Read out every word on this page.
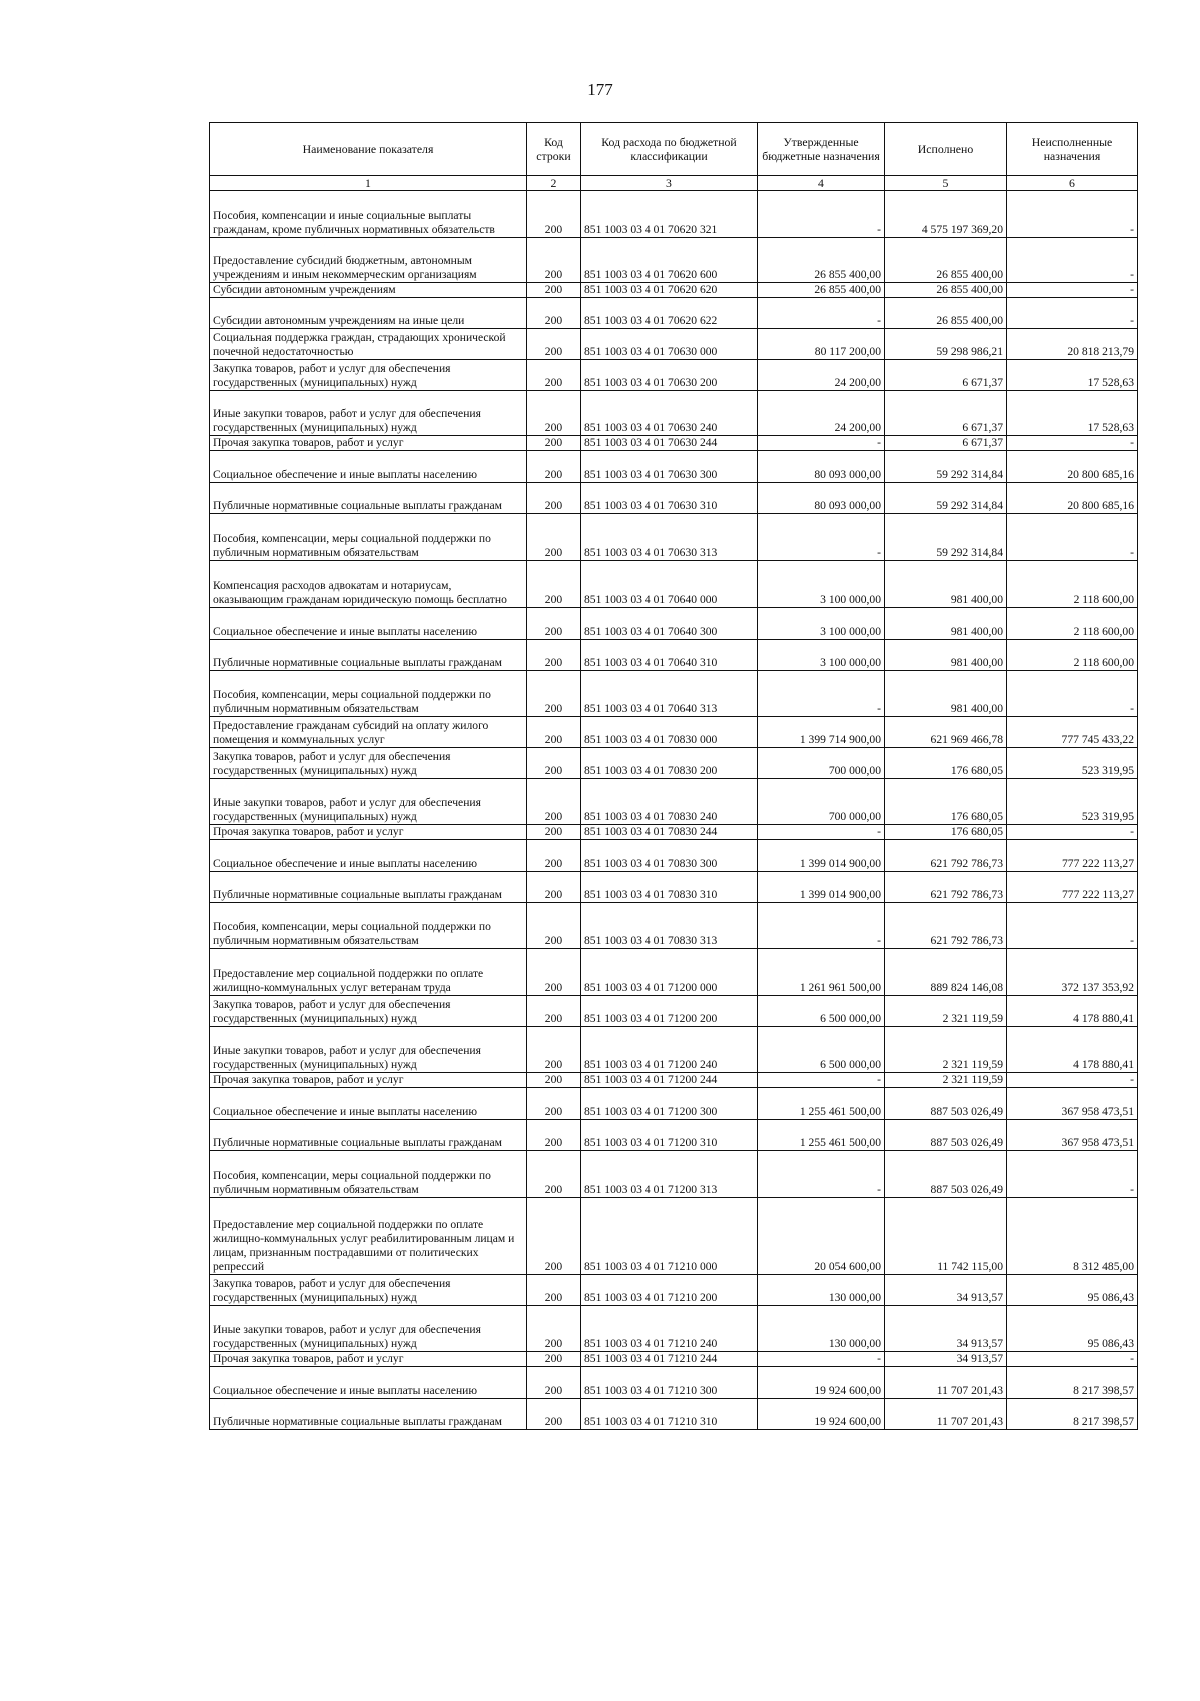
177
Наименование показателя	Код строки	Код расхода по бюджетной классификации	Утвержденные бюджетные назначения	Исполнено	Неисполненные назначения
1	2	3	4	5	6
Пособия, компенсации и иные социальные выплаты гражданам, кроме публичных нормативных обязательств	200	851 1003 03 4 01 70620 321	-	4 575 197 369,20	-
Предоставление субсидий бюджетным, автономным учреждениям и иным некоммерческим организациям	200	851 1003 03 4 01 70620 600	26 855 400,00	26 855 400,00	-
Субсидии автономным учреждениям	200	851 1003 03 4 01 70620 620	26 855 400,00	26 855 400,00	-
Субсидии автономным учреждениям на иные цели	200	851 1003 03 4 01 70620 622	-	26 855 400,00	-
Социальная поддержка граждан, страдающих хронической почечной недостаточностью	200	851 1003 03 4 01 70630 000	80 117 200,00	59 298 986,21	20 818 213,79
Закупка товаров, работ и услуг для обеспечения государственных (муниципальных) нужд	200	851 1003 03 4 01 70630 200	24 200,00	6 671,37	17 528,63
Иные закупки товаров, работ и услуг для обеспечения государственных (муниципальных) нужд	200	851 1003 03 4 01 70630 240	24 200,00	6 671,37	17 528,63
Прочая закупка товаров, работ и услуг	200	851 1003 03 4 01 70630 244	-	6 671,37	-
Социальное обеспечение и иные выплаты населению	200	851 1003 03 4 01 70630 300	80 093 000,00	59 292 314,84	20 800 685,16
Публичные нормативные социальные выплаты гражданам	200	851 1003 03 4 01 70630 310	80 093 000,00	59 292 314,84	20 800 685,16
Пособия, компенсации, меры социальной поддержки по публичным нормативным обязательствам	200	851 1003 03 4 01 70630 313	-	59 292 314,84	-
Компенсация расходов адвокатам и нотариусам, оказывающим гражданам юридическую помощь бесплатно	200	851 1003 03 4 01 70640 000	3 100 000,00	981 400,00	2 118 600,00
Социальное обеспечение и иные выплаты населению	200	851 1003 03 4 01 70640 300	3 100 000,00	981 400,00	2 118 600,00
Публичные нормативные социальные выплаты гражданам	200	851 1003 03 4 01 70640 310	3 100 000,00	981 400,00	2 118 600,00
Пособия, компенсации, меры социальной поддержки по публичным нормативным обязательствам	200	851 1003 03 4 01 70640 313	-	981 400,00	-
Предоставление гражданам субсидий на оплату жилого помещения и коммунальных услуг	200	851 1003 03 4 01 70830 000	1 399 714 900,00	621 969 466,78	777 745 433,22
Закупка товаров, работ и услуг для обеспечения государственных (муниципальных) нужд	200	851 1003 03 4 01 70830 200	700 000,00	176 680,05	523 319,95
Иные закупки товаров, работ и услуг для обеспечения государственных (муниципальных) нужд	200	851 1003 03 4 01 70830 240	700 000,00	176 680,05	523 319,95
Прочая закупка товаров, работ и услуг	200	851 1003 03 4 01 70830 244	-	176 680,05	-
Социальное обеспечение и иные выплаты населению	200	851 1003 03 4 01 70830 300	1 399 014 900,00	621 792 786,73	777 222 113,27
Публичные нормативные социальные выплаты гражданам	200	851 1003 03 4 01 70830 310	1 399 014 900,00	621 792 786,73	777 222 113,27
Пособия, компенсации, меры социальной поддержки по публичным нормативным обязательствам	200	851 1003 03 4 01 70830 313	-	621 792 786,73	-
Предоставление мер социальной поддержки по оплате жилищно-коммунальных услуг ветеранам труда	200	851 1003 03 4 01 71200 000	1 261 961 500,00	889 824 146,08	372 137 353,92
Закупка товаров, работ и услуг для обеспечения государственных (муниципальных) нужд	200	851 1003 03 4 01 71200 200	6 500 000,00	2 321 119,59	4 178 880,41
Иные закупки товаров, работ и услуг для обеспечения государственных (муниципальных) нужд	200	851 1003 03 4 01 71200 240	6 500 000,00	2 321 119,59	4 178 880,41
Прочая закупка товаров, работ и услуг	200	851 1003 03 4 01 71200 244	-	2 321 119,59	-
Социальное обеспечение и иные выплаты населению	200	851 1003 03 4 01 71200 300	1 255 461 500,00	887 503 026,49	367 958 473,51
Публичные нормативные социальные выплаты гражданам	200	851 1003 03 4 01 71200 310	1 255 461 500,00	887 503 026,49	367 958 473,51
Пособия, компенсации, меры социальной поддержки по публичным нормативным обязательствам	200	851 1003 03 4 01 71200 313	-	887 503 026,49	-
Предоставление мер социальной поддержки по оплате жилищно-коммунальных услуг реабилитированным лицам и лицам, признанным пострадавшими от политических репрессий	200	851 1003 03 4 01 71210 000	20 054 600,00	11 742 115,00	8 312 485,00
Закупка товаров, работ и услуг для обеспечения государственных (муниципальных) нужд	200	851 1003 03 4 01 71210 200	130 000,00	34 913,57	95 086,43
Иные закупки товаров, работ и услуг для обеспечения государственных (муниципальных) нужд	200	851 1003 03 4 01 71210 240	130 000,00	34 913,57	95 086,43
Прочая закупка товаров, работ и услуг	200	851 1003 03 4 01 71210 244	-	34 913,57	-
Социальное обеспечение и иные выплаты населению	200	851 1003 03 4 01 71210 300	19 924 600,00	11 707 201,43	8 217 398,57
Публичные нормативные социальные выплаты гражданам	200	851 1003 03 4 01 71210 310	19 924 600,00	11 707 201,43	8 217 398,57
